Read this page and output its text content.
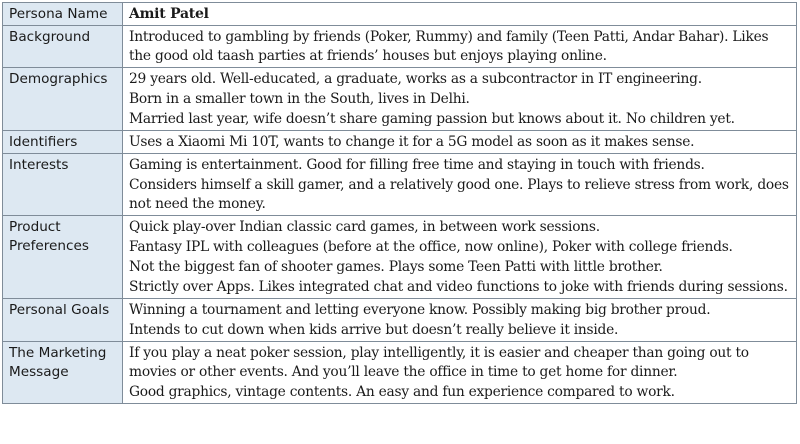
Persona Name	Amit Patel
Background	Introduced to gambling by friends (Poker, Rummy) and family (Teen Patti, Andar Bahar). Likes the good old taash parties at friends’ houses but enjoys playing online.

Demographics	29 years old. Well-educated, a graduate, works as a subcontractor in IT engineering.
Born in a smaller town in the South, lives in Delhi.
Married last year, wife doesn’t share gaming passion but knows about it. No children yet.

Identifiers	Uses a Xiaomi Mi 10T, wants to change it for a 5G model as soon as it makes sense.

Interests	Gaming is entertainment. Good for filling free time and staying in touch with friends.
Considers himself a skill gamer, and a relatively good one. Plays to relieve stress from work, does not need the money.

Product Preferences	Quick play-over Indian classic card games, in between work sessions.
Fantasy IPL with colleagues (before at the office, now online), Poker with college friends.
Not the biggest fan of shooter games. Plays some Teen Patti with little brother.
Strictly over Apps. Likes integrated chat and video functions to joke with friends during sessions.

Personal Goals	Winning a tournament and letting everyone know. Possibly making big brother proud.
Intends to cut down when kids arrive but doesn’t really believe it inside.

The Marketing Message	If you play a neat poker session, play intelligently, it is easier and cheaper than going out to movies or other events. And you’ll leave the office in time to get home for dinner.
Good graphics, vintage contents. An easy and fun experience compared to work.
